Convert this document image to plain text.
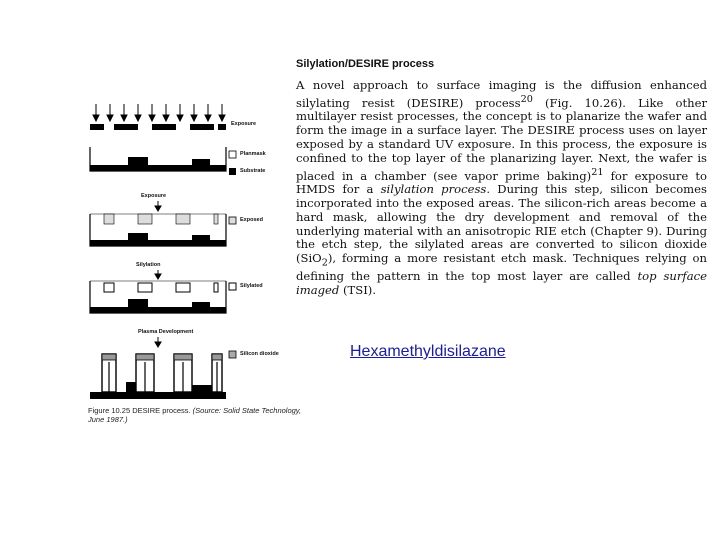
Exposure
Planmask
Substrate
Exposure
Exposed
Silylation
Silylated
Plasma Development
Silicon dioxide
Figure 10.25 DESIRE process. (Source: Solid State Technology, June 1987.)
Silylation/DESIRE process
A novel approach to surface imaging is the diffusion enhanced silylating resist (DESIRE) process$^{20}$ (Fig. 10.26). Like other multilayer resist processes, the concept is to planarize the wafer and form the image in a surface layer. The DESIRE process uses on layer exposed by a standard UV exposure. In this process, the exposure is confined to the top layer of the planarizing layer. Next, the wafer is placed in a chamber (see vapor prime baking)$^{21}$ for exposure to HMDS for a silylation process. During this step, silicon becomes incorporated into the exposed areas. The silicon-rich areas become a hard mask, allowing the dry development and removal of the underlying material with an anisotropic RIE etch (Chapter 9). During the etch step, the silylated areas are converted to silicon dioxide (SiO$_2$), forming a more resistant etch mask. Techniques relying on defining the pattern in the top most layer are called top surface imaged (TSI).
Hexamethyldisilazane
